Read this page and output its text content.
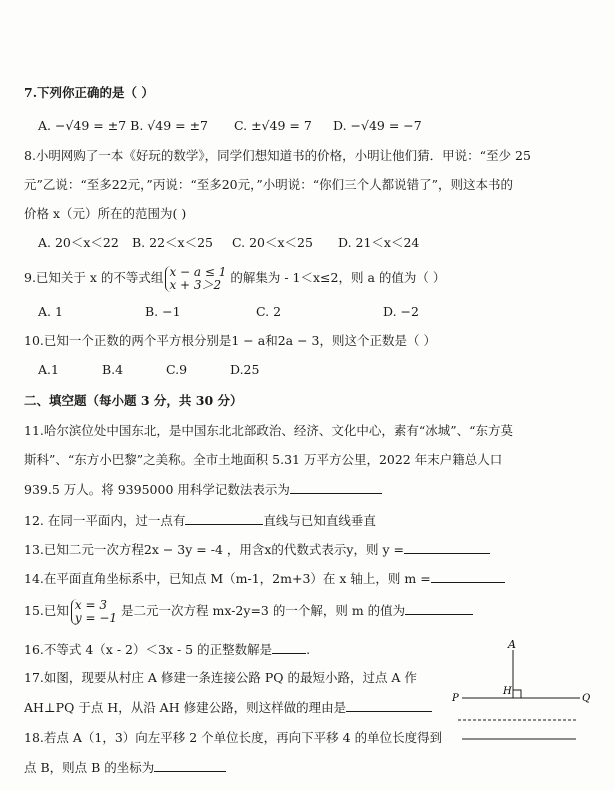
7.下列你正确的是（ ）
A. −√49 = ±7 B. √49 = ±7 C. ±√49 = 7 D. −√49 = −7
8.小明网购了一本《好玩的数学》，同学们想知道书的价格，小明让他们猜．甲说：“至少 25
元”乙说：“至多22元，”丙说：“至多20元，”小明说：“你们三个人都说错了”，则这本书的
价格 x（元）所在的范围为( )
A. 20＜x＜22 B. 22＜x＜25 C. 20＜x＜25 D. 21＜x＜24
9.已知关于 x 的不等式组 x − a ≤ 1
x + 3＞2 的解集为 - 1＜x≤2，则 a 的值为（ ）
A. 1	B. −1	C. 2	D. −2
10.已知一个正数的两个平方根分别是1 − a和2a − 3，则这个正数是（ ）
A.1	B.4	C.9	D.25
二、填空题（每小题 3 分，共 30 分）
11.哈尔滨位处中国东北，是中国东北北部政治、经济、文化中心，素有“冰城”、“东方莫
斯科”、“东方小巴黎”之美称。全市土地面积 5.31 万平方公里，2022 年末户籍总人口
939.5 万人。将 9395000 用科学记数法表示为
12. 在同一平面内，过一点有	直线与已知直线垂直
13.已知二元一次方程2x − 3y = -4 ，用含x的代数式表示y，则 y =
14.在平面直角坐标系中，已知点 M（m-1，2m+3）在 x 轴上，则 m =
15.已知 x = 3
y = −1 是二元一次方程 mx-2y=3 的一个解，则 m 的值为
16.不等式 4（x - 2）＜3x - 5 的正整数解是	.
17.如图，现要从村庄 A 修建一条连接公路 PQ 的最短小路，过点 A 作
AH⊥PQ 于点 H，从沿 AH 修建公路，则这样做的理由是
18.若点 A（1，3）向左平移 2 个单位长度，再向下平移 4 的单位长度得到
点 B，则点 B 的坐标为
A
H
P	Q
